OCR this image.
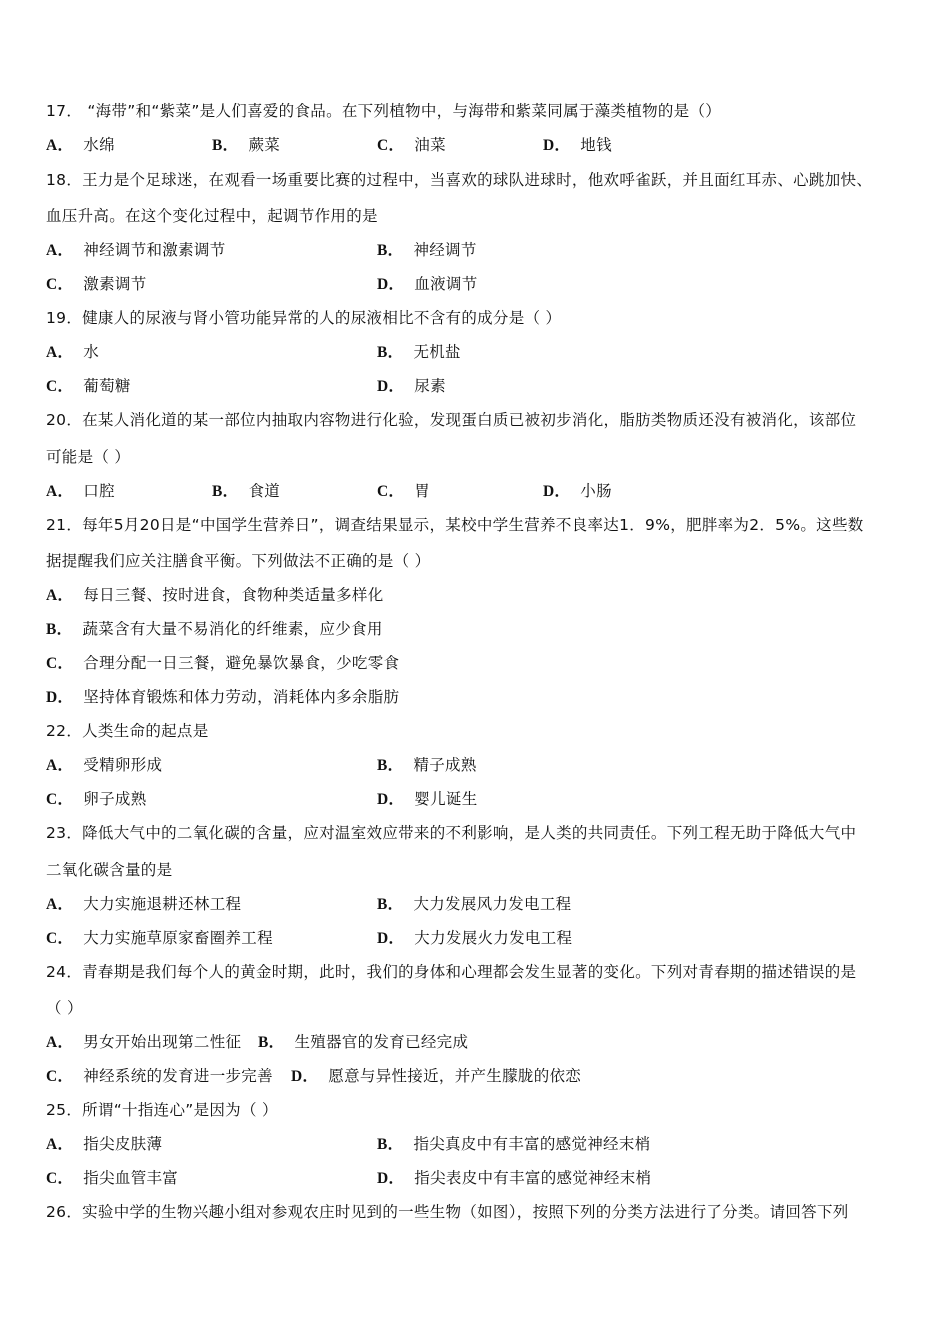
17． “海带”和“紫菜”是人们喜爱的食品。在下列植物中，与海带和紫菜同属于藻类植物的是（）
A． 水绵	B． 蕨菜	C． 油菜	D． 地钱
18．王力是个足球迷，在观看一场重要比赛的过程中，当喜欢的球队进球时，他欢呼雀跃，并且面红耳赤、心跳加快、
血压升高。在这个变化过程中，起调节作用的是
A． 神经调节和激素调节	B． 神经调节
C． 激素调节	D． 血液调节
19．健康人的尿液与肾小管功能异常的人的尿液相比不含有的成分是（ ）
A． 水	B． 无机盐
C． 葡萄糖	D． 尿素
20．在某人消化道的某一部位内抽取内容物进行化验，发现蛋白质已被初步消化，脂肪类物质还没有被消化，该部位
可能是（ ）
A． 口腔	B． 食道	C． 胃	D． 小肠
21．每年5月20日是“中国学生营养日”，调查结果显示，某校中学生营养不良率达1．9%，肥胖率为2．5%。这些数
据提醒我们应关注膳食平衡。下列做法不正确的是（ ）
A． 每日三餐、按时进食，食物种类适量多样化
B． 蔬菜含有大量不易消化的纤维素，应少食用
C． 合理分配一日三餐，避免暴饮暴食，少吃零食
D． 坚持体育锻炼和体力劳动，消耗体内多余脂肪
22．人类生命的起点是
A． 受精卵形成	B． 精子成熟
C． 卵子成熟	D． 婴儿诞生
23．降低大气中的二氧化碳的含量，应对温室效应带来的不利影响，是人类的共同责任。下列工程无助于降低大气中
二氧化碳含量的是
A． 大力实施退耕还林工程	B． 大力发展风力发电工程
C． 大力实施草原家畜圈养工程	D． 大力发展火力发电工程
24．青春期是我们每个人的黄金时期，此时，我们的身体和心理都会发生显著的变化。下列对青春期的描述错误的是
（ ）
A． 男女开始出现第二性征 B． 生殖器官的发育已经完成
C． 神经系统的发育进一步完善 D． 愿意与异性接近，并产生朦胧的依恋
25．所谓“十指连心”是因为（ ）
A． 指尖皮肤薄	B． 指尖真皮中有丰富的感觉神经末梢
C． 指尖血管丰富	D． 指尖表皮中有丰富的感觉神经末梢
26．实验中学的生物兴趣小组对参观农庄时见到的一些生物（如图），按照下列的分类方法进行了分类。请回答下列
